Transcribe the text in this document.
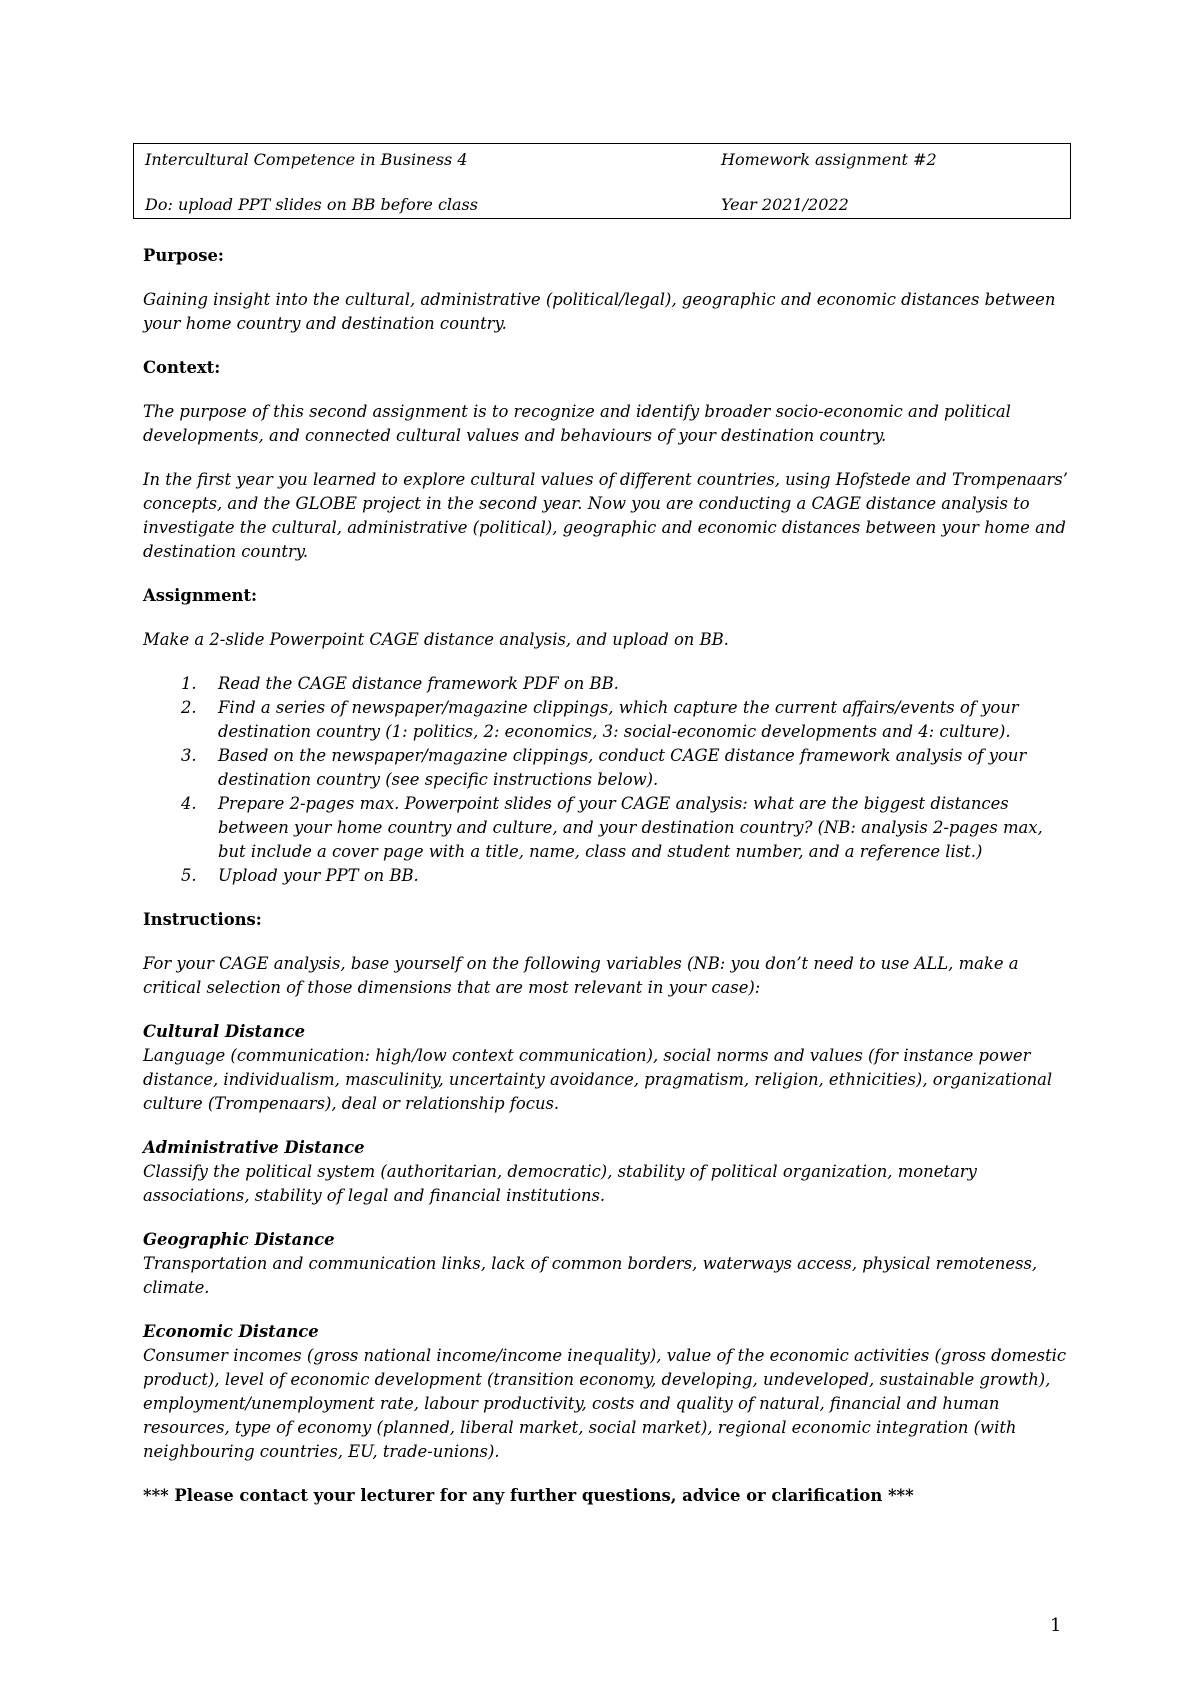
Intercultural Competence in Business 4	Homework assignment #2
Do: upload PPT slides on BB before class	Year 2021/2022

Purpose:

Gaining insight into the cultural, administrative (political/legal), geographic and economic distances between your home country and destination country.

Context:

The purpose of this second assignment is to recognize and identify broader socio-economic and political developments, and connected cultural values and behaviours of your destination country.

In the first year you learned to explore cultural values of different countries, using Hofstede and Trompenaars’ concepts, and the GLOBE project in the second year. Now you are conducting a CAGE distance analysis to investigate the cultural, administrative (political), geographic and economic distances between your home and destination country.

Assignment:

Make a 2-slide Powerpoint CAGE distance analysis, and upload on BB.

1. Read the CAGE distance framework PDF on BB.
2. Find a series of newspaper/magazine clippings, which capture the current affairs/events of your destination country (1: politics, 2: economics, 3: social-economic developments and 4: culture).
3. Based on the newspaper/magazine clippings, conduct CAGE distance framework analysis of your destination country (see specific instructions below).
4. Prepare 2-pages max. Powerpoint slides of your CAGE analysis: what are the biggest distances between your home country and culture, and your destination country? (NB: analysis 2-pages max, but include a cover page with a title, name, class and student number, and a reference list.)
5. Upload your PPT on BB.

Instructions:

For your CAGE analysis, base yourself on the following variables (NB: you don’t need to use ALL, make a critical selection of those dimensions that are most relevant in your case):

Cultural Distance

Language (communication: high/low context communication), social norms and values (for instance power distance, individualism, masculinity, uncertainty avoidance, pragmatism, religion, ethnicities), organizational culture (Trompenaars), deal or relationship focus.

Administrative Distance

Classify the political system (authoritarian, democratic), stability of political organization, monetary associations, stability of legal and financial institutions.

Geographic Distance

Transportation and communication links, lack of common borders, waterways access, physical remoteness, climate.

Economic Distance

Consumer incomes (gross national income/income inequality), value of the economic activities (gross domestic product), level of economic development (transition economy, developing, undeveloped, sustainable growth), employment/unemployment rate, labour productivity, costs and quality of natural, financial and human resources, type of economy (planned, liberal market, social market), regional economic integration (with neighbouring countries, EU, trade-unions).

*** Please contact your lecturer for any further questions, advice or clarification ***

1
